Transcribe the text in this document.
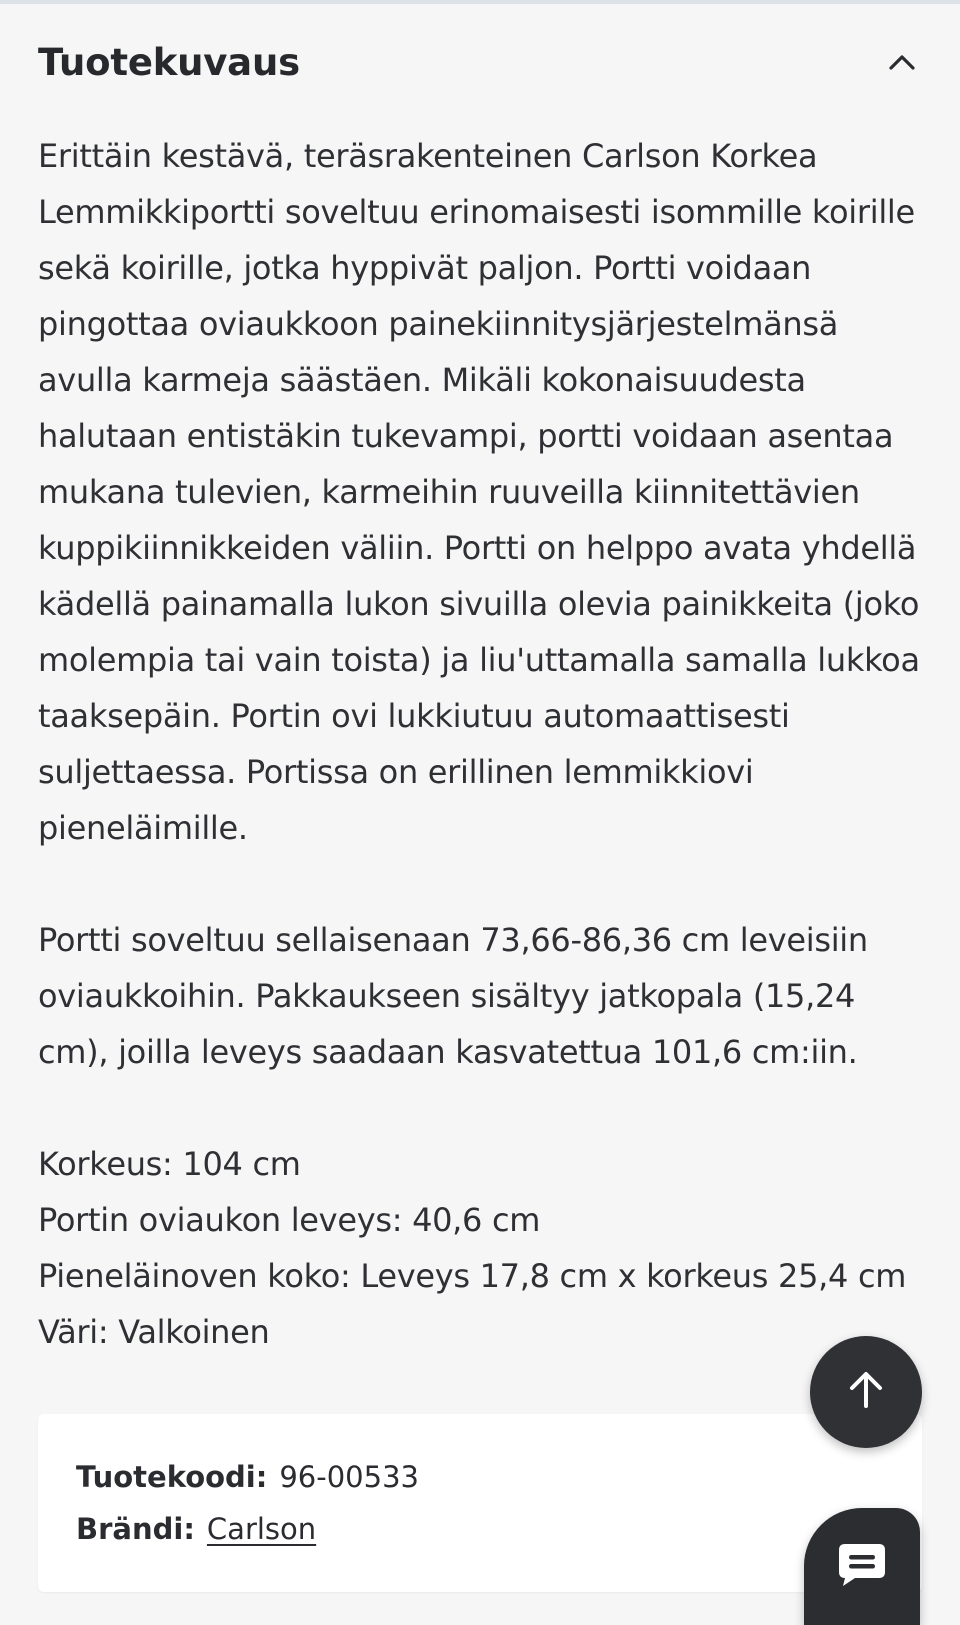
Tuotekuvaus

Erittäin kestävä, teräsrakenteinen Carlson Korkea Lemmikkiportti soveltuu erinomaisesti isommille koirille sekä koirille, jotka hyppivät paljon. Portti voidaan pingottaa oviaukkoon painekiinnitysjärjestelmänsä avulla karmeja säästäen. Mikäli kokonaisuudesta halutaan entistäkin tukevampi, portti voidaan asentaa mukana tulevien, karmeihin ruuveilla kiinnitettävien kuppikiinnikkeiden väliin. Portti on helppo avata yhdellä kädellä painamalla lukon sivuilla olevia painikkeita (joko molempia tai vain toista) ja liu'uttamalla samalla lukkoa taaksepäin. Portin ovi lukkiutuu automaattisesti suljettaessa. Portissa on erillinen lemmikkiovi pieneläimille.

Portti soveltuu sellaisenaan 73,66-86,36 cm leveisiin oviaukkoihin. Pakkaukseen sisältyy jatkopala (15,24 cm), joilla leveys saadaan kasvatettua 101,6 cm:iin.

Korkeus: 104 cm

Portin oviaukon leveys: 40,6 cm

Pieneläinoven koko: Leveys 17,8 cm x korkeus 25,4 cm

Väri: Valkoinen

Tuotekoodi: 96-00533
Brändi: Carlson
